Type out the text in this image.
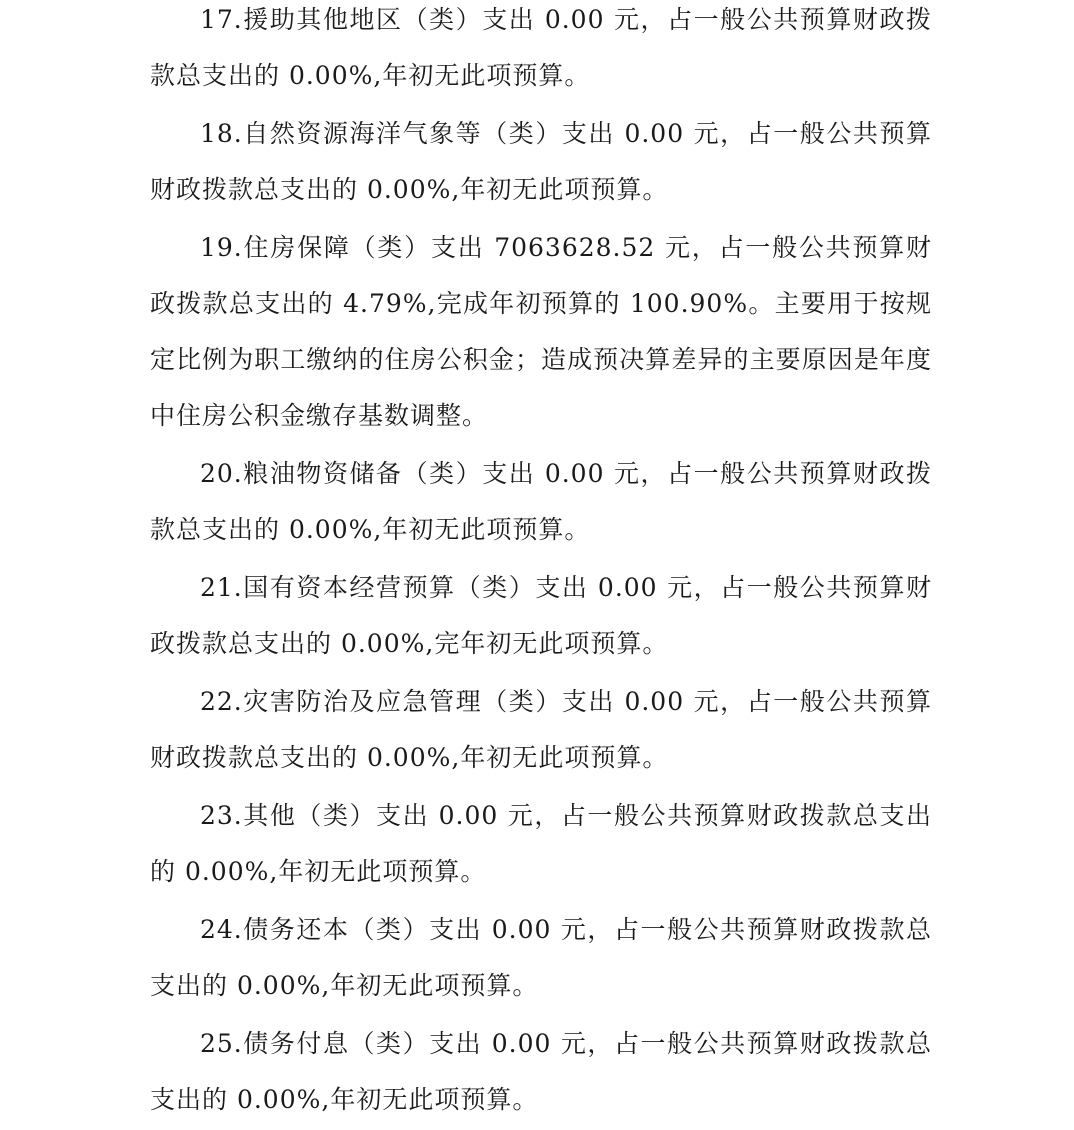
17.援助其他地区（类）支出 0.00 元，占一般公共预算财政拨款总支出的 0.00%,年初无此项预算。

18.自然资源海洋气象等（类）支出 0.00 元，占一般公共预算财政拨款总支出的 0.00%,年初无此项预算。

19.住房保障（类）支出 7063628.52 元，占一般公共预算财政拨款总支出的 4.79%,完成年初预算的 100.90%。主要用于按规定比例为职工缴纳的住房公积金；造成预决算差异的主要原因是年度中住房公积金缴存基数调整。

20.粮油物资储备（类）支出 0.00 元，占一般公共预算财政拨款总支出的 0.00%,年初无此项预算。

21.国有资本经营预算（类）支出 0.00 元，占一般公共预算财政拨款总支出的 0.00%,完年初无此项预算。

22.灾害防治及应急管理（类）支出 0.00 元，占一般公共预算财政拨款总支出的 0.00%,年初无此项预算。

23.其他（类）支出 0.00 元，占一般公共预算财政拨款总支出的 0.00%,年初无此项预算。

24.债务还本（类）支出 0.00 元，占一般公共预算财政拨款总支出的 0.00%,年初无此项预算。

25.债务付息（类）支出 0.00 元，占一般公共预算财政拨款总支出的 0.00%,年初无此项预算。
